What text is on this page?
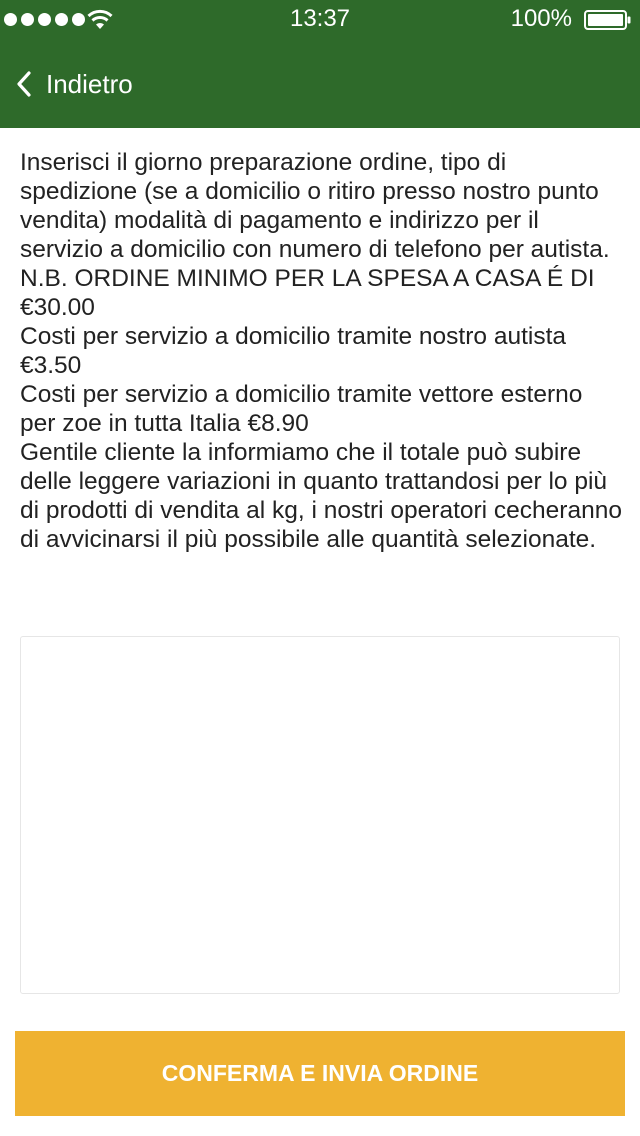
13:37	100%
Indietro

Inserisci il giorno preparazione ordine, tipo di spedizione (se a domicilio o ritiro presso nostro punto vendita) modalità di pagamento e indirizzo per il servizio a domicilio con numero di telefono per autista.

N.B. ORDINE MINIMO PER LA SPESA A CASA É DI €30.00

Costi per servizio a domicilio tramite nostro autista €3.50

Costi per servizio a domicilio tramite vettore esterno per zoe in tutta Italia €8.90

Gentile cliente la informiamo che il totale può subire delle leggere variazioni in quanto trattandosi per lo più di prodotti di vendita al kg, i nostri operatori cecheranno di avvicinarsi il più possibile alle quantità selezionate.

CONFERMA E INVIA ORDINE
